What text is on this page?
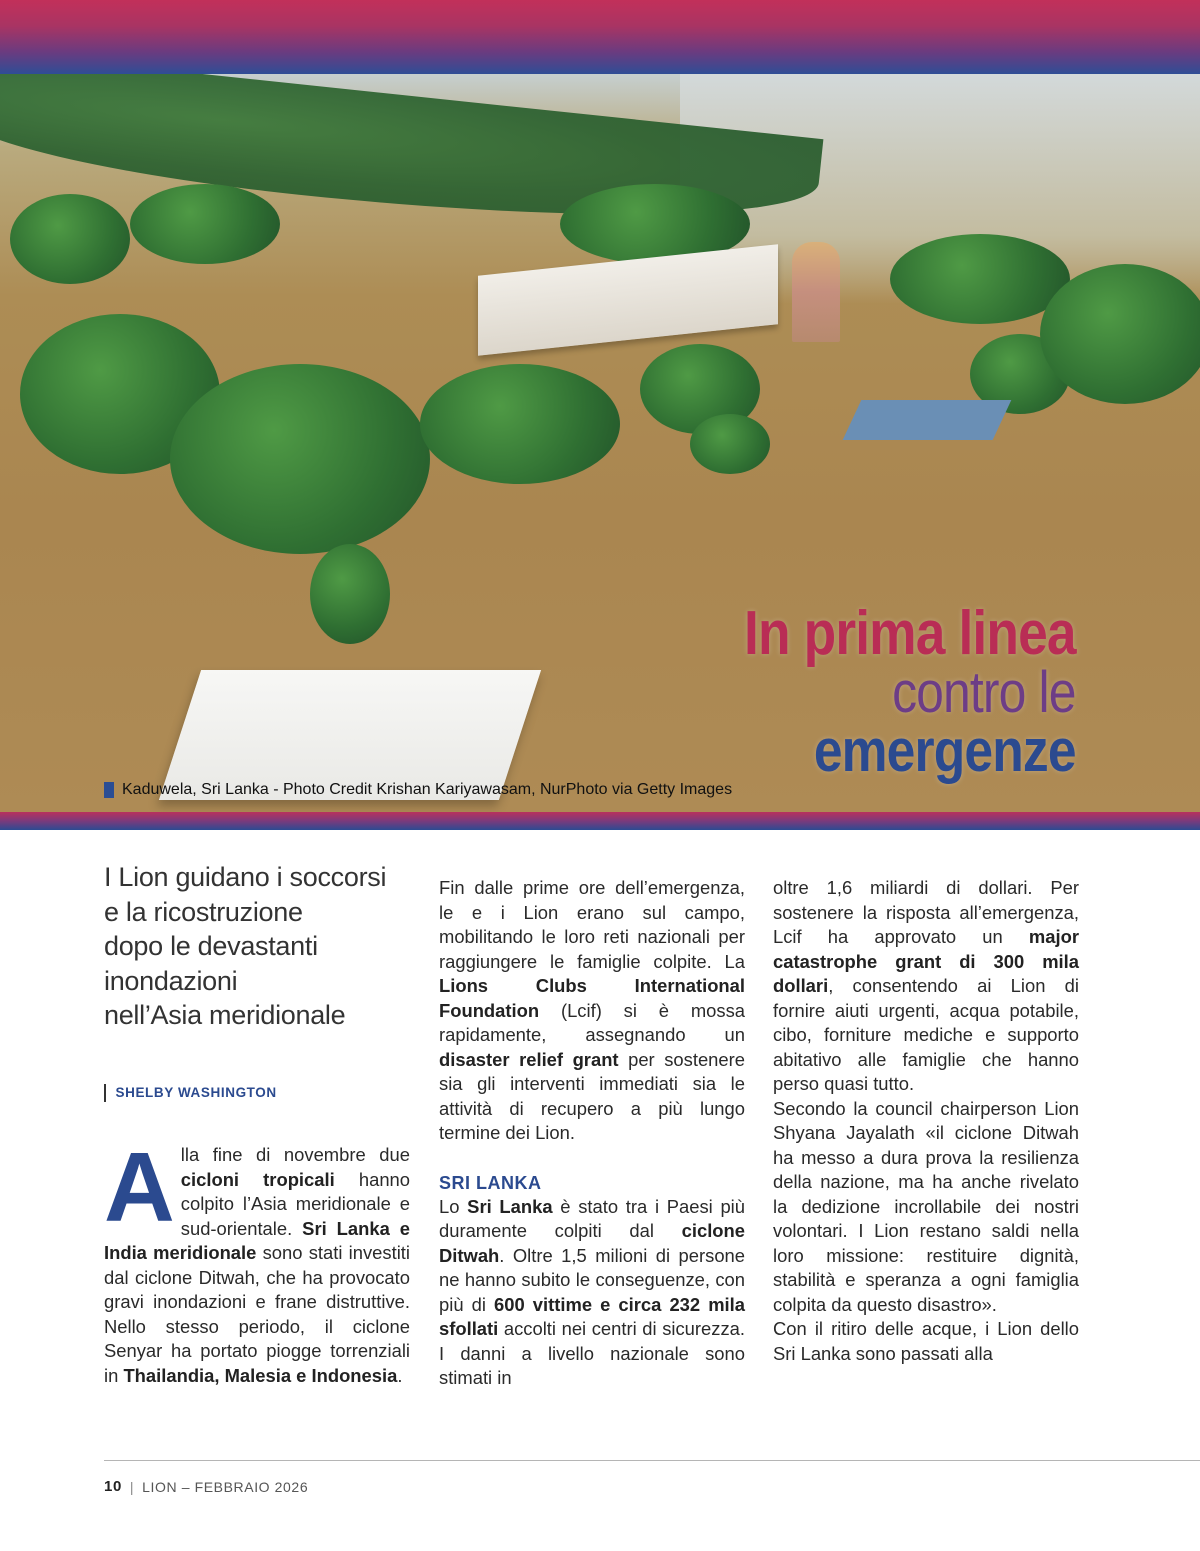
In prima linea
contro le
emergenze
Kaduwela, Sri Lanka - Photo Credit Krishan Kariyawasam, NurPhoto via Getty Images
I Lion guidano i soccorsi
e la ricostruzione
dopo le devastanti
inondazioni
nell’Asia meridionale
SHELBY WASHINGTON

Alla fine di novembre due cicloni tropicali hanno colpito l’Asia meridionale e sud-orientale. Sri Lanka e India meridionale sono stati investiti dal ciclone Ditwah, che ha provocato gravi inondazioni e frane distruttive. Nello stesso periodo, il ciclone Senyar ha portato piogge torrenziali in Thailandia, Malesia e Indonesia.

Fin dalle prime ore dell’emergenza, le e i Lion erano sul campo, mobilitando le loro reti nazionali per raggiungere le famiglie colpite. La Lions Clubs International Foundation (Lcif) si è mossa rapidamente, assegnando un disaster relief grant per sostenere sia gli interventi immediati sia le attività di recupero a più lungo termine dei Lion.

SRI LANKA

Lo Sri Lanka è stato tra i Paesi più duramente colpiti dal ciclone Ditwah. Oltre 1,5 milioni di persone ne hanno subito le conseguenze, con più di 600 vittime e circa 232 mila sfollati accolti nei centri di sicurezza. I danni a livello nazionale sono stimati in

oltre 1,6 miliardi di dollari. Per sostenere la risposta all’emergenza, Lcif ha approvato un major catastrophe grant di 300 mila dollari, consentendo ai Lion di fornire aiuti urgenti, acqua potabile, cibo, forniture mediche e supporto abitativo alle famiglie che hanno perso quasi tutto.

Secondo la council chairperson Lion Shyana Jayalath «il ciclone Ditwah ha messo a dura prova la resilienza della nazione, ma ha anche rivelato la dedizione incrollabile dei nostri volontari. I Lion restano saldi nella loro missione: restituire dignità, stabilità e speranza a ogni famiglia colpita da questo disastro».

Con il ritiro delle acque, i Lion dello Sri Lanka sono passati alla

10 | LION – FEBBRAIO 2026
